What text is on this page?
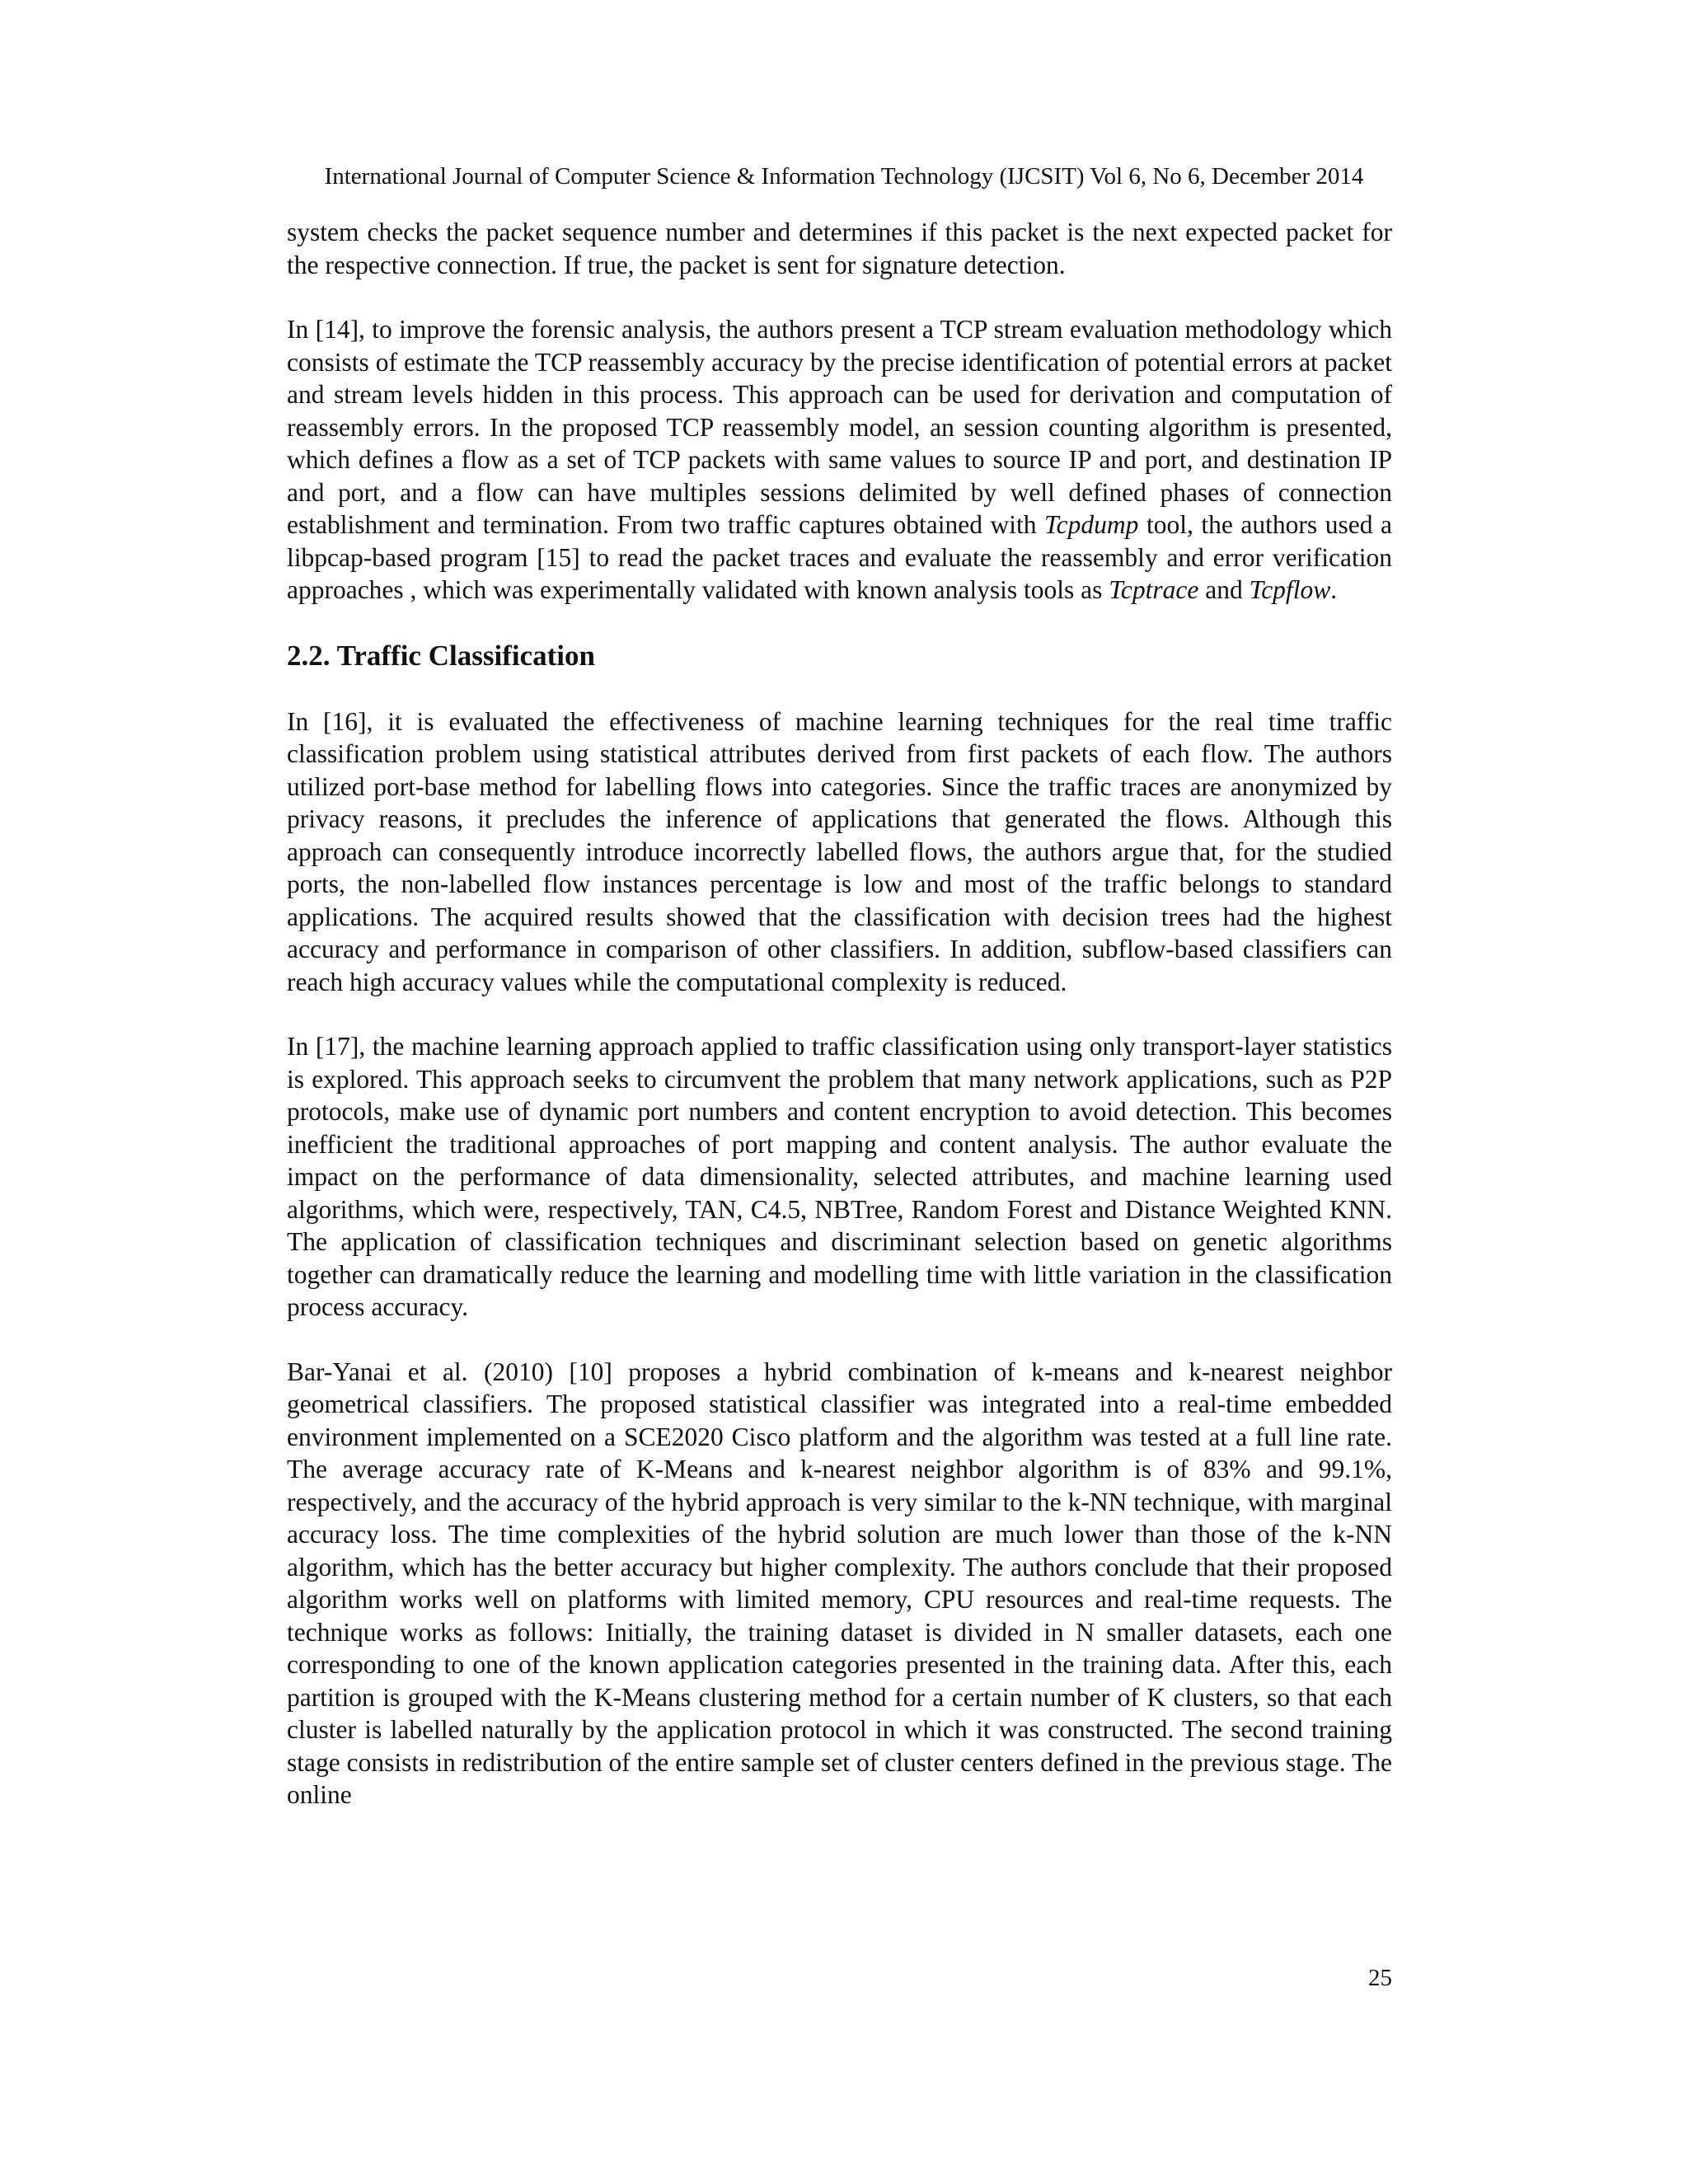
International Journal of Computer Science & Information Technology (IJCSIT) Vol 6, No 6, December 2014

system checks the packet sequence number and determines if this packet is the next expected packet for the respective connection. If true, the packet is sent for signature detection.

In [14], to improve the forensic analysis, the authors present a TCP stream evaluation methodology which consists of estimate the TCP reassembly accuracy by the precise identification of potential errors at packet and stream levels hidden in this process. This approach can be used for derivation and computation of reassembly errors. In the proposed TCP reassembly model, an session counting algorithm is presented, which defines a flow as a set of TCP packets with same values to source IP and port, and destination IP and port, and a flow can have multiples sessions delimited by well defined phases of connection establishment and termination. From two traffic captures obtained with Tcpdump tool, the authors used a libpcap-based program [15] to read the packet traces and evaluate the reassembly and error verification approaches , which was experimentally validated with known analysis tools as Tcptrace and Tcpflow.

2.2. Traffic Classification

In [16], it is evaluated the effectiveness of machine learning techniques for the real time traffic classification problem using statistical attributes derived from first packets of each flow. The authors utilized port-base method for labelling flows into categories. Since the traffic traces are anonymized by privacy reasons, it precludes the inference of applications that generated the flows. Although this approach can consequently introduce incorrectly labelled flows, the authors argue that, for the studied ports, the non-labelled flow instances percentage is low and most of the traffic belongs to standard applications. The acquired results showed that the classification with decision trees had the highest accuracy and performance in comparison of other classifiers. In addition, subflow-based classifiers can reach high accuracy values while the computational complexity is reduced.

In [17], the machine learning approach applied to traffic classification using only transport-layer statistics is explored. This approach seeks to circumvent the problem that many network applications, such as P2P protocols, make use of dynamic port numbers and content encryption to avoid detection. This becomes inefficient the traditional approaches of port mapping and content analysis. The author evaluate the impact on the performance of data dimensionality, selected attributes, and machine learning used algorithms, which were, respectively, TAN, C4.5, NBTree, Random Forest and Distance Weighted KNN. The application of classification techniques and discriminant selection based on genetic algorithms together can dramatically reduce the learning and modelling time with little variation in the classification process accuracy.

Bar-Yanai et al. (2010) [10] proposes a hybrid combination of k-means and k-nearest neighbor geometrical classifiers. The proposed statistical classifier was integrated into a real-time embedded environment implemented on a SCE2020 Cisco platform and the algorithm was tested at a full line rate. The average accuracy rate of K-Means and k-nearest neighbor algorithm is of 83% and 99.1%, respectively, and the accuracy of the hybrid approach is very similar to the k-NN technique, with marginal accuracy loss. The time complexities of the hybrid solution are much lower than those of the k-NN algorithm, which has the better accuracy but higher complexity. The authors conclude that their proposed algorithm works well on platforms with limited memory, CPU resources and real-time requests. The technique works as follows: Initially, the training dataset is divided in N smaller datasets, each one corresponding to one of the known application categories presented in the training data. After this, each partition is grouped with the K-Means clustering method for a certain number of K clusters, so that each cluster is labelled naturally by the application protocol in which it was constructed. The second training stage consists in redistribution of the entire sample set of cluster centers defined in the previous stage. The online

25
